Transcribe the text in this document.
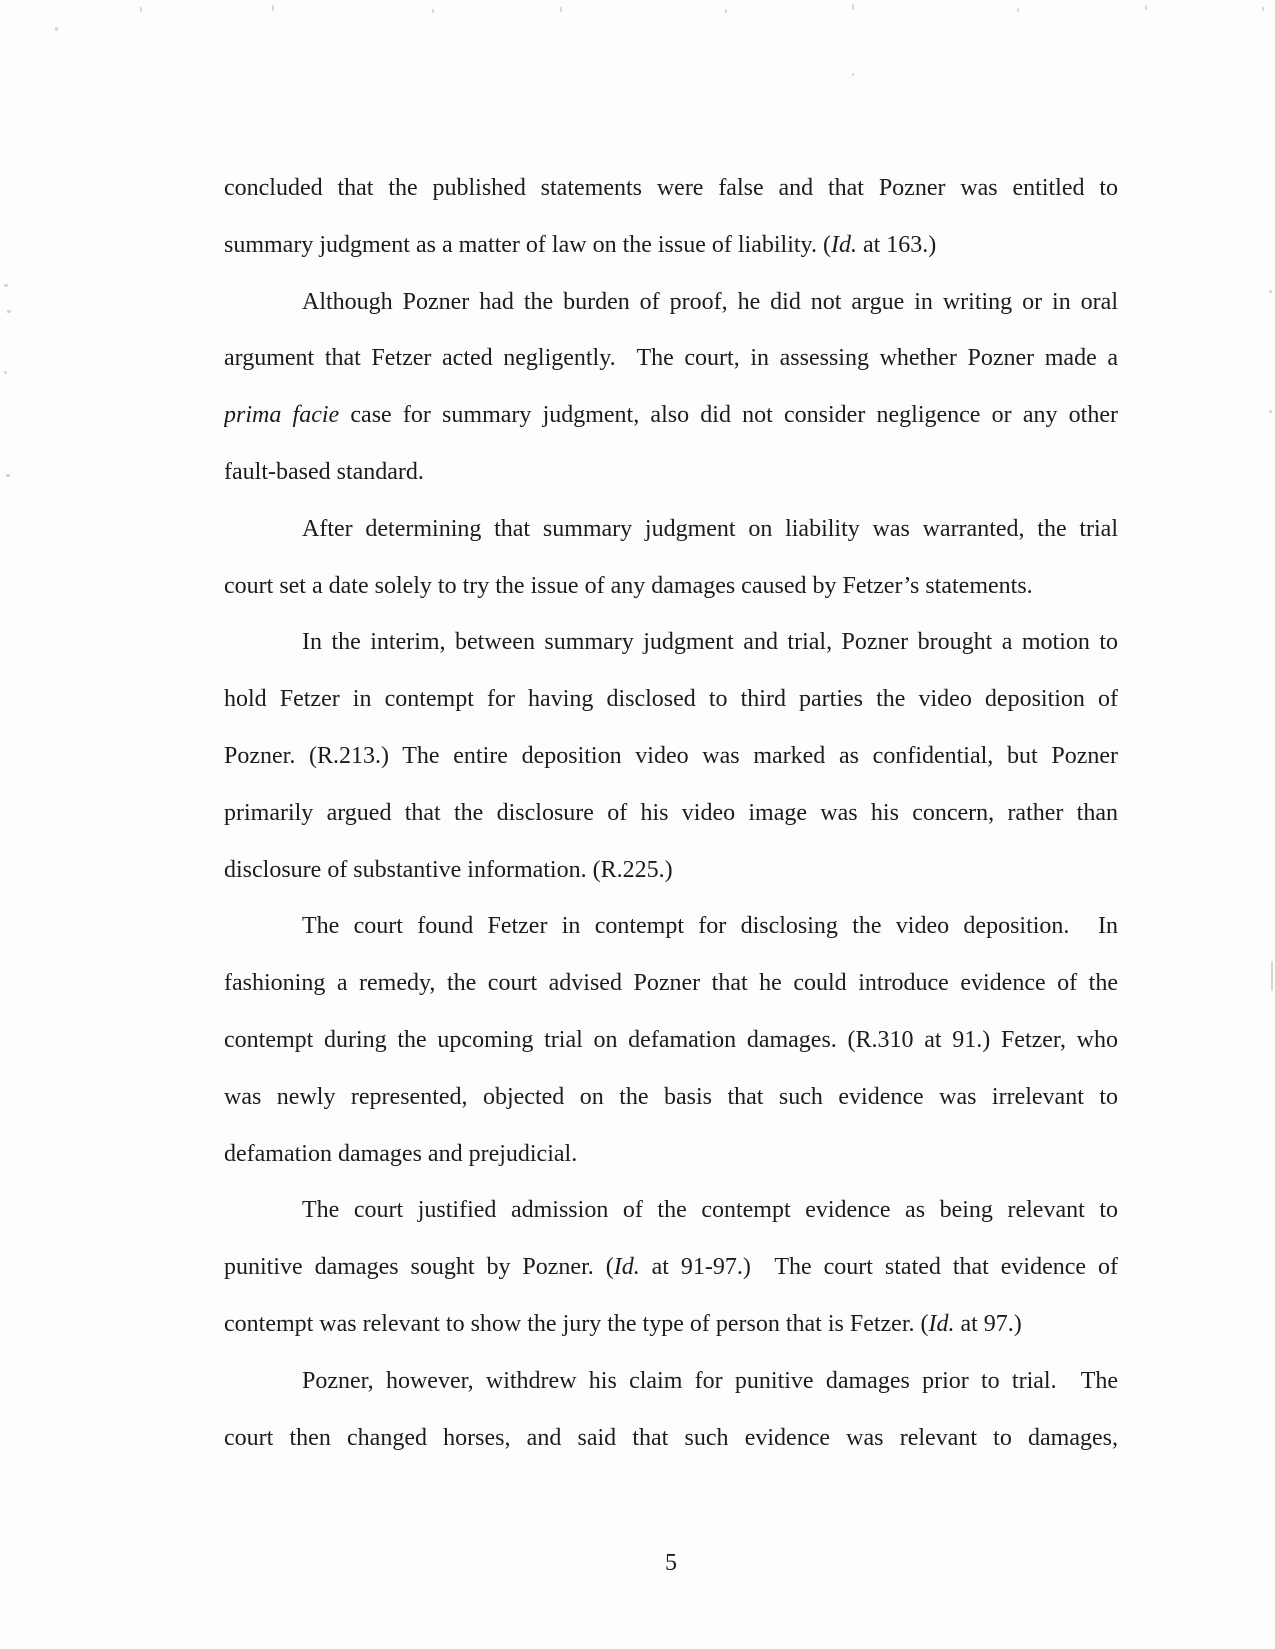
concluded that the published statements were false and that Pozner was entitled to
summary judgment as a matter of law on the issue of liability. (Id. at 163.)
Although Pozner had the burden of proof, he did not argue in writing or in oral
argument that Fetzer acted negligently.  The court, in assessing whether Pozner made a
prima facie case for summary judgment, also did not consider negligence or any other
fault-based standard.
After determining that summary judgment on liability was warranted, the trial
court set a date solely to try the issue of any damages caused by Fetzer’s statements.
In the interim, between summary judgment and trial, Pozner brought a motion to
hold Fetzer in contempt for having disclosed to third parties the video deposition of
Pozner. (R.213.) The entire deposition video was marked as confidential, but Pozner
primarily argued that the disclosure of his video image was his concern, rather than
disclosure of substantive information. (R.225.)
The court found Fetzer in contempt for disclosing the video deposition.  In
fashioning a remedy, the court advised Pozner that he could introduce evidence of the
contempt during the upcoming trial on defamation damages. (R.310 at 91.) Fetzer, who
was newly represented, objected on the basis that such evidence was irrelevant to
defamation damages and prejudicial.
The court justified admission of the contempt evidence as being relevant to
punitive damages sought by Pozner. (Id. at 91-97.)  The court stated that evidence of
contempt was relevant to show the jury the type of person that is Fetzer. (Id. at 97.)
Pozner, however, withdrew his claim for punitive damages prior to trial.  The
court then changed horses, and said that such evidence was relevant to damages,
5
